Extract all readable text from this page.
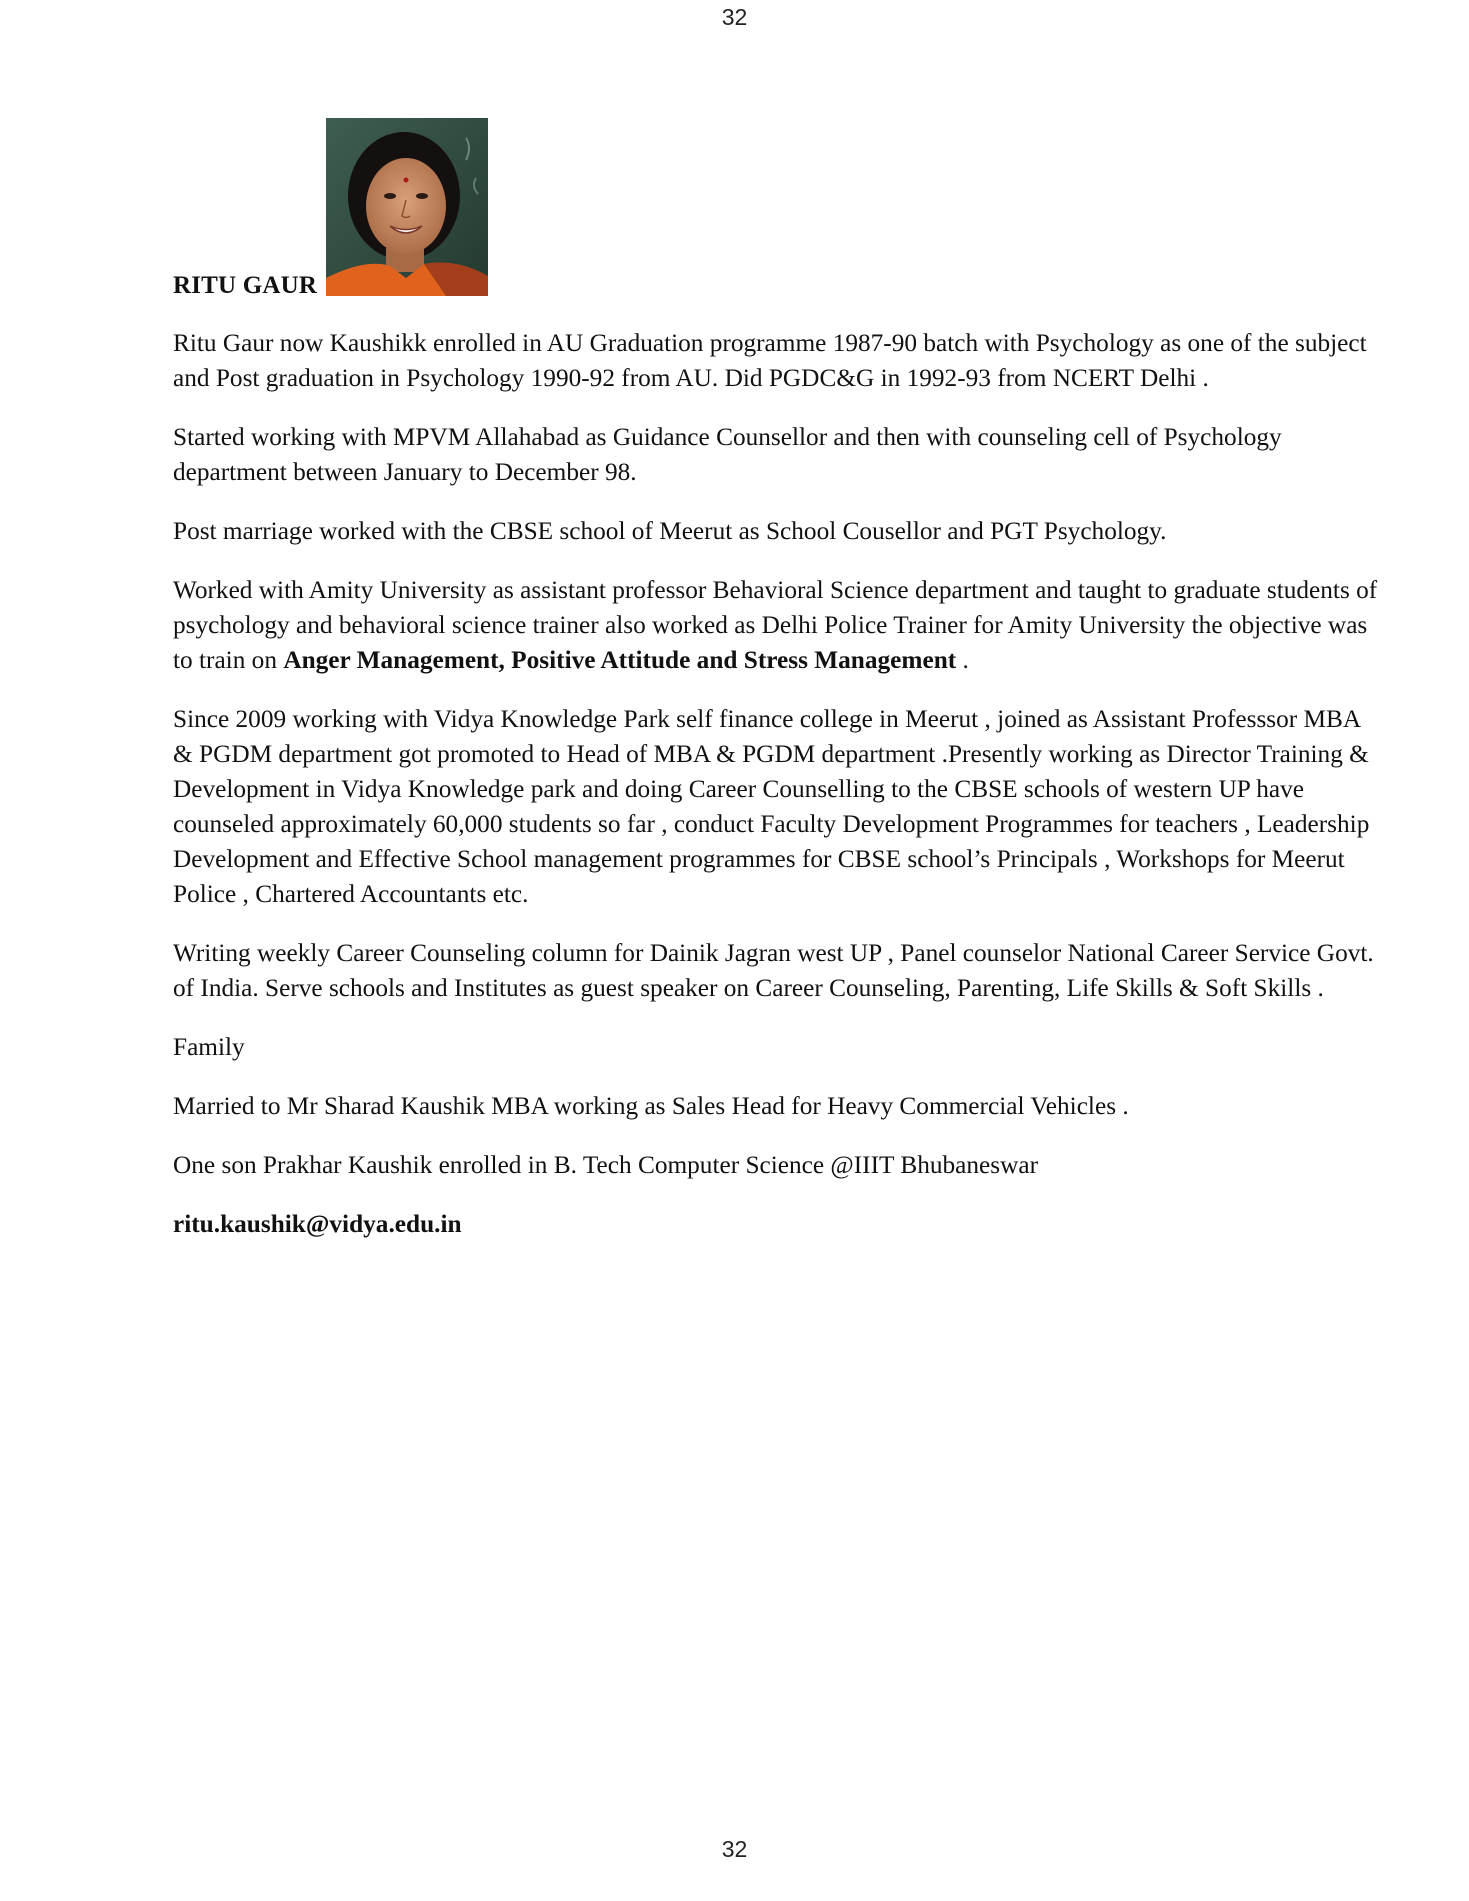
32
RITU GAUR

Ritu Gaur now Kaushikk enrolled in AU Graduation programme 1987-90 batch with Psychology as one of the subject and Post graduation in Psychology 1990-92 from AU. Did PGDC&G in 1992-93 from NCERT Delhi .

Started working with MPVM Allahabad as Guidance Counsellor and then with counseling cell of Psychology department between January to December 98.

Post marriage worked with the CBSE school of Meerut as School Cousellor and PGT Psychology.

Worked with Amity University as assistant professor Behavioral Science department and taught to graduate students of psychology and behavioral science trainer also worked as Delhi Police Trainer for Amity University the objective was to train on Anger Management, Positive Attitude and Stress Management .

Since 2009 working with Vidya Knowledge Park self finance college in Meerut , joined as Assistant Professsor MBA & PGDM department got promoted to Head of MBA & PGDM department .Presently working as Director Training & Development in Vidya Knowledge park and doing Career Counselling to the CBSE schools of western UP have counseled approximately 60,000 students so far , conduct Faculty Development Programmes for teachers , Leadership Development and Effective School management programmes for CBSE school’s Principals , Workshops for Meerut Police , Chartered Accountants etc.

Writing weekly Career Counseling column for Dainik Jagran west UP , Panel counselor National Career Service Govt. of India. Serve schools and Institutes as guest speaker on Career Counseling, Parenting, Life Skills & Soft Skills .

Family

Married to Mr Sharad Kaushik MBA working as Sales Head for Heavy Commercial Vehicles .

One son Prakhar Kaushik enrolled in B. Tech Computer Science @IIIT Bhubaneswar

ritu.kaushik@vidya.edu.in

32
